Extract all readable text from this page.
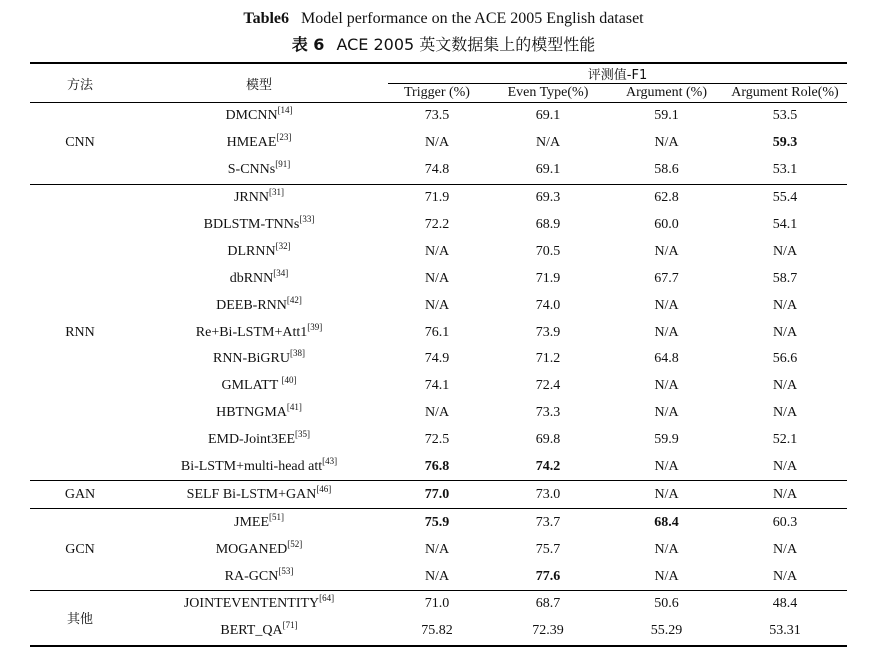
Table6 Model performance on the ACE 2005 English dataset
表 6 ACE 2005 英文数据集上的模型性能
方法	模型	评测值-F1			
		Trigger (%)	Even Type(%)	Argument (%)	Argument Role(%)
CNN	DMCNN[14]	73.5	69.1	59.1	53.5
	HMEAE[23]	N/A	N/A	N/A	59.3
	S-CNNs[91]	74.8	69.1	58.6	53.1
RNN	JRNN[31]	71.9	69.3	62.8	55.4
	BDLSTM-TNNs[33]	72.2	68.9	60.0	54.1
	DLRNN[32]	N/A	70.5	N/A	N/A
	dbRNN[34]	N/A	71.9	67.7	58.7
	DEEB-RNN[42]	N/A	74.0	N/A	N/A
	Re+Bi-LSTM+Att1[39]	76.1	73.9	N/A	N/A
	RNN-BiGRU[38]	74.9	71.2	64.8	56.6
	GMLATT [40]	74.1	72.4	N/A	N/A
	HBTNGMA[41]	N/A	73.3	N/A	N/A
	EMD-Joint3EE[35]	72.5	69.8	59.9	52.1
	Bi-LSTM+multi-head att[43]	76.8	74.2	N/A	N/A
GAN	SELF Bi-LSTM+GAN[46]	77.0	73.0	N/A	N/A
GCN	JMEE[51]	75.9	73.7	68.4	60.3
	MOGANED[52]	N/A	75.7	N/A	N/A
	RA-GCN[53]	N/A	77.6	N/A	N/A
其他	JOINTEVENTENTITY[64]	71.0	68.7	50.6	48.4
	BERT_QA[71]	75.82	72.39	55.29	53.31
